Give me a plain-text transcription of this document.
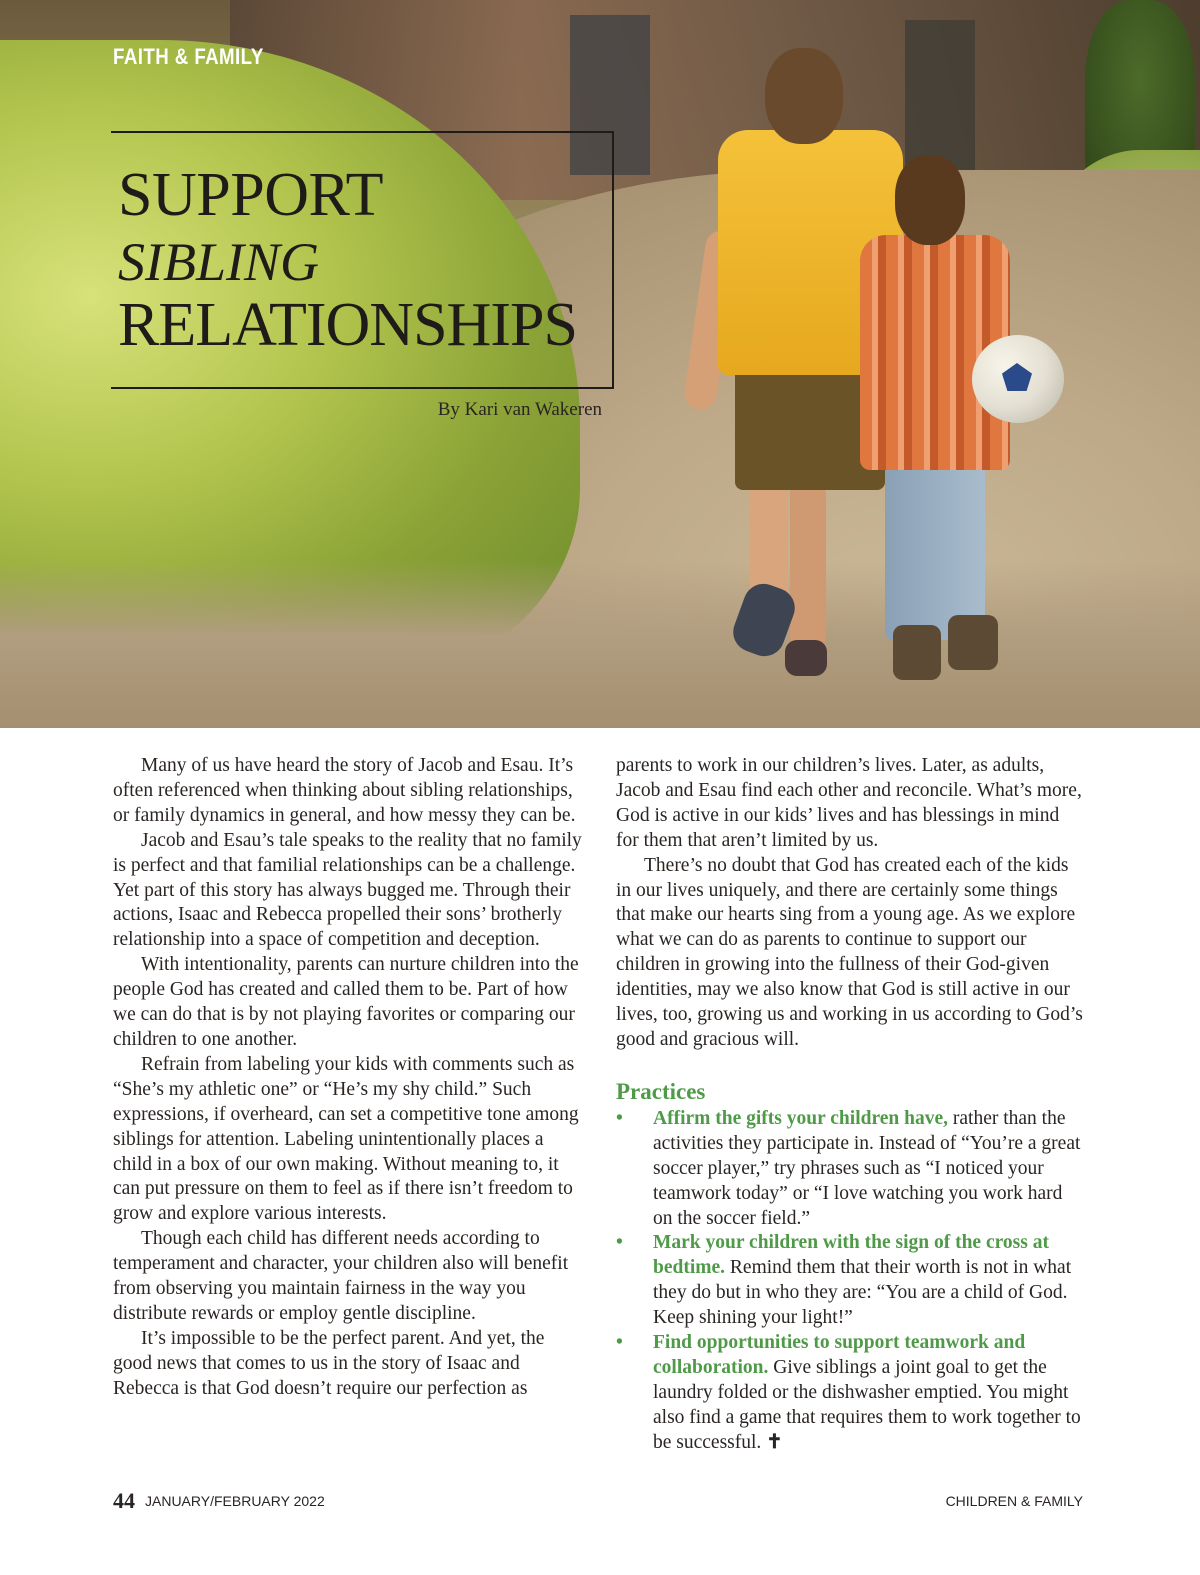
FAITH & FAMILY

SUPPORT
SIBLING
RELATIONSHIPS

By Kari van Wakeren

Many of us have heard the story of Jacob and Esau. It’s often referenced when thinking about sibling relationships, or family dynamics in general, and how messy they can be.

Jacob and Esau’s tale speaks to the reality that no family is perfect and that familial relationships can be a challenge. Yet part of this story has always bugged me. Through their actions, Isaac and Rebecca propelled their sons’ brotherly relationship into a space of competition and deception.

With intentionality, parents can nurture children into the people God has created and called them to be. Part of how we can do that is by not playing favorites or comparing our children to one another.

Refrain from labeling your kids with comments such as “She’s my athletic one” or “He’s my shy child.” Such expressions, if overheard, can set a competitive tone among siblings for attention. Labeling unintentionally places a child in a box of our own making. Without meaning to, it can put pressure on them to feel as if there isn’t freedom to grow and explore various interests.

Though each child has different needs according to temperament and character, your children also will benefit from observing you maintain fairness in the way you distribute rewards or employ gentle discipline.

It’s impossible to be the perfect parent. And yet, the good news that comes to us in the story of Isaac and Rebecca is that God doesn’t require our perfection as

parents to work in our children’s lives. Later, as adults, Jacob and Esau find each other and reconcile. What’s more, God is active in our kids’ lives and has blessings in mind for them that aren’t limited by us.

There’s no doubt that God has created each of the kids in our lives uniquely, and there are certainly some things that make our hearts sing from a young age. As we explore what we can do as parents to continue to support our children in growing into the fullness of their God-given identities, may we also know that God is still active in our lives, too, growing us and working in us according to God’s good and gracious will.

Practices
• Affirm the gifts your children have, rather than the activities they participate in. Instead of “You’re a great soccer player,” try phrases such as “I noticed your teamwork today” or “I love watching you work hard on the soccer field.”
• Mark your children with the sign of the cross at bedtime. Remind them that their worth is not in what they do but in who they are: “You are a child of God. Keep shining your light!”
• Find opportunities to support teamwork and collaboration. Give siblings a joint goal to get the laundry folded or the dishwasher emptied. You might also find a game that requires them to work together to be successful. ✝

44 JANUARY/FEBRUARY 2022	CHILDREN & FAMILY
